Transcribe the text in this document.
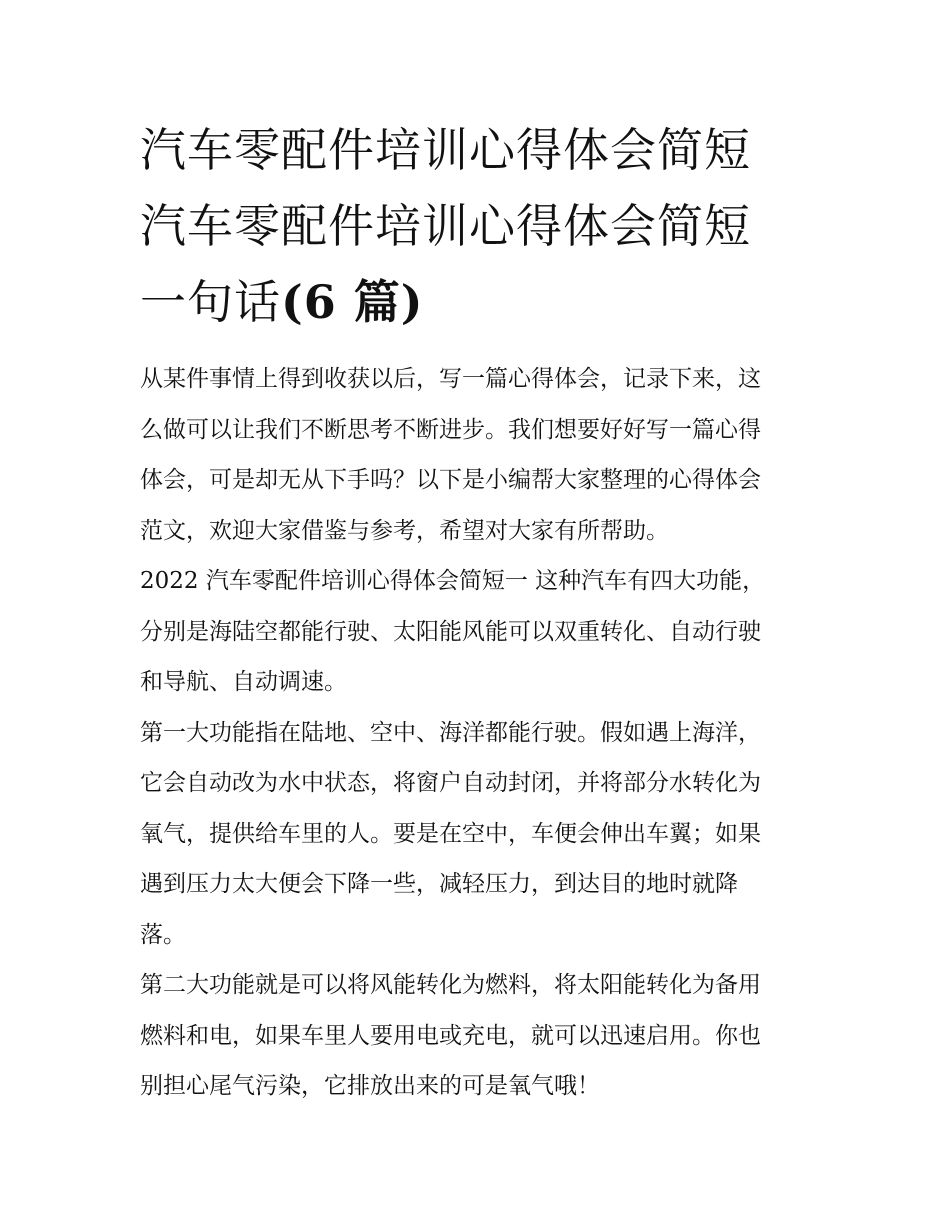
汽车零配件培训心得体会简短
汽车零配件培训心得体会简短
一句话(6 篇)

从某件事情上得到收获以后，写一篇心得体会，记录下来，这
么做可以让我们不断思考不断进步。我们想要好好写一篇心得
体会，可是却无从下手吗？以下是小编帮大家整理的心得体会
范文，欢迎大家借鉴与参考，希望对大家有所帮助。

2022 汽车零配件培训心得体会简短一 这种汽车有四大功能，
分别是海陆空都能行驶、太阳能风能可以双重转化、自动行驶
和导航、自动调速。

第一大功能指在陆地、空中、海洋都能行驶。假如遇上海洋，
它会自动改为水中状态，将窗户自动封闭，并将部分水转化为
氧气，提供给车里的人。要是在空中，车便会伸出车翼；如果
遇到压力太大便会下降一些，减轻压力，到达目的地时就降
落。

第二大功能就是可以将风能转化为燃料，将太阳能转化为备用
燃料和电，如果车里人要用电或充电，就可以迅速启用。你也
别担心尾气污染，它排放出来的可是氧气哦！
